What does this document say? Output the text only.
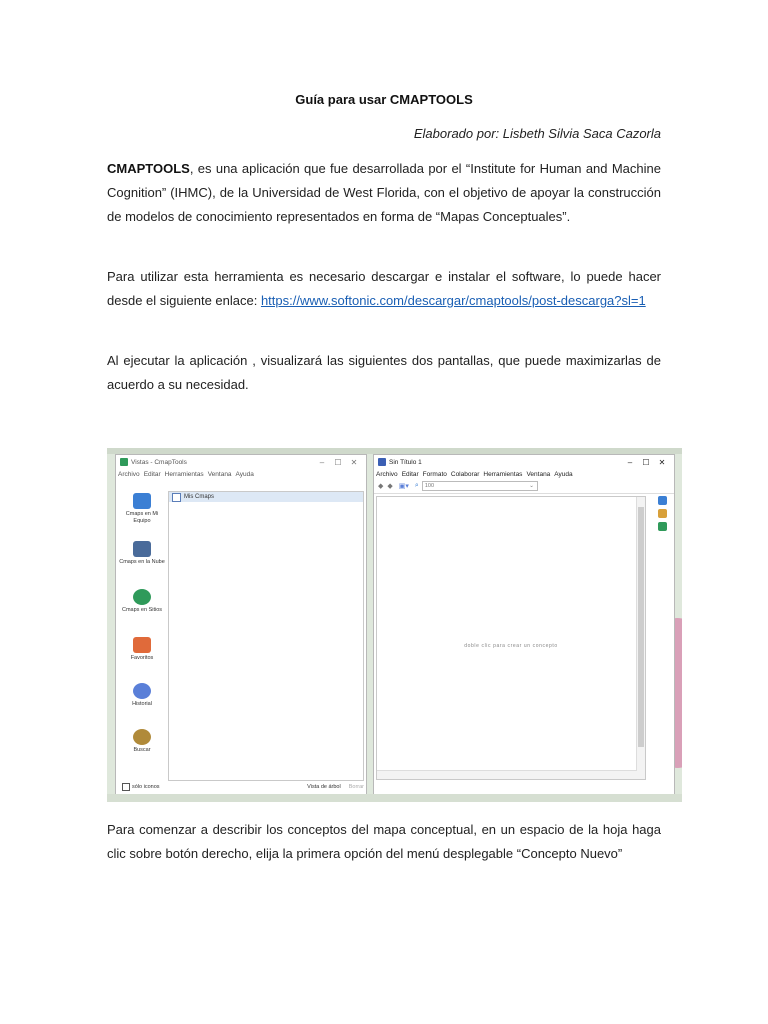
Guía para usar CMAPTOOLS
Elaborado por: Lisbeth Silvia Saca Cazorla

CMAPTOOLS, es una aplicación que fue desarrollada por el “Institute for Human and Machine Cognition” (IHMC), de la Universidad de West Florida, con el objetivo de apoyar la construcción de modelos de conocimiento representados en forma de “Mapas Conceptuales”.

Para utilizar esta herramienta es necesario descargar e instalar el software, lo puede hacer desde el siguiente enlace: https://www.softonic.com/descargar/cmaptools/post-descarga?sl=1

Al ejecutar la aplicación , visualizará las siguientes dos pantallas, que puede maximizarlas de acuerdo a su necesidad.

Vistas - CmapTools	–	☐	✕
Archivo Editar Herramientas Ventana Ayuda
Cmaps en Mi Equipo
Cmaps en la Nube
Cmaps en Sitios
Favoritos
Historial
Buscar
Mis Cmaps
sólo iconos	Vista de árbol Borrar
Sin Título 1	–	☐	✕
Archivo Editar Formato Colaborar Herramientas Ventana Ayuda
◆ ◆ ▣▾ ⌕	100	⌄
doble clic para crear un concepto

Para comenzar a describir los conceptos del mapa conceptual, en un espacio de la hoja haga clic sobre botón derecho, elija la primera opción del menú desplegable “Concepto Nuevo”
